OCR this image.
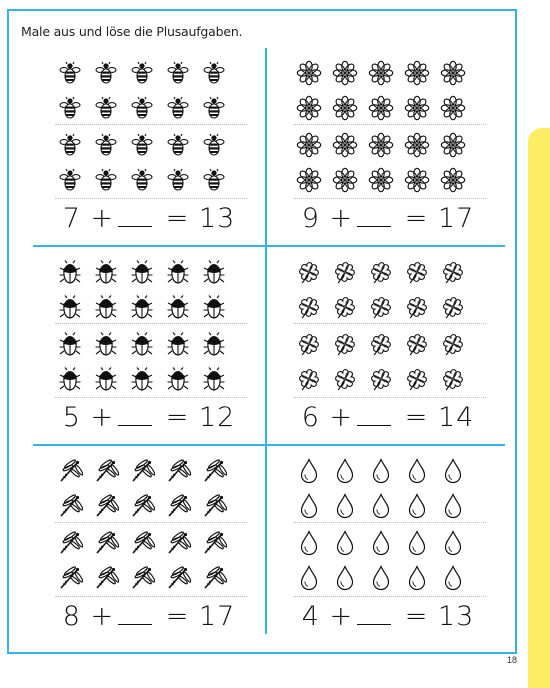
Male aus und löse die Plusaufgaben.
7 + = 13	9 + = 17
5 + = 12	6 + = 14
8 + = 17	4 + = 13
18
